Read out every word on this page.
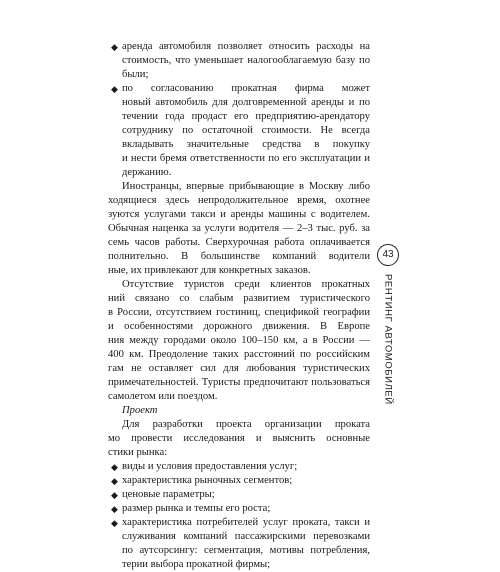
◆ аренда автомобиля позволяет относить расходы на
стоимость, что уменьшает налогооблагаемую базу по
были;
◆ по согласованию прокатная фирма может
новый автомобиль для долговременной аренды и по
течении года продаст его предприятию-арендатору
сотруднику по остаточной стоимости. Не всегда
вкладывать значительные средства в покупку
и нести бремя ответственности по его эксплуатации и
держанию.
Иностранцы, впервые прибывающие в Москву либо
ходящиеся здесь непродолжительное время, охотнее
зуются услугами такси и аренды машины с водителем.
Обычная наценка за услуги водителя — 2–3 тыс. руб. за
семь часов работы. Сверхурочная работа оплачивается
полнительно. В большинстве компаний водители
ные, их привлекают для конкретных заказов.
Отсутствие туристов среди клиентов прокатных
ний связано со слабым развитием туристического
в России, отсутствием гостиниц, спецификой географии
и особенностями дорожного движения. В Европе
ния между городами около 100–150 км, а в России —
400 км. Преодоление таких расстояний по российским
гам не оставляет сил для любования туристических
примечательностей. Туристы предпочитают пользоваться
самолетом или поездом.
Проект
Для разработки проекта организации проката
мо провести исследования и выяснить основные
стики рынка:
◆ виды и условия предоставления услуг;
◆ характеристика рыночных сегментов;
◆ ценовые параметры;
◆ размер рынка и темпы его роста;
◆ характеристика потребителей услуг проката, такси и
служивания компаний пассажирскими перевозками
по аутсорсингу: сегментация, мотивы потребления,
терии выбора прокатной фирмы;
43
РЕНТИНГ АВТОМОБИЛЕЙ
